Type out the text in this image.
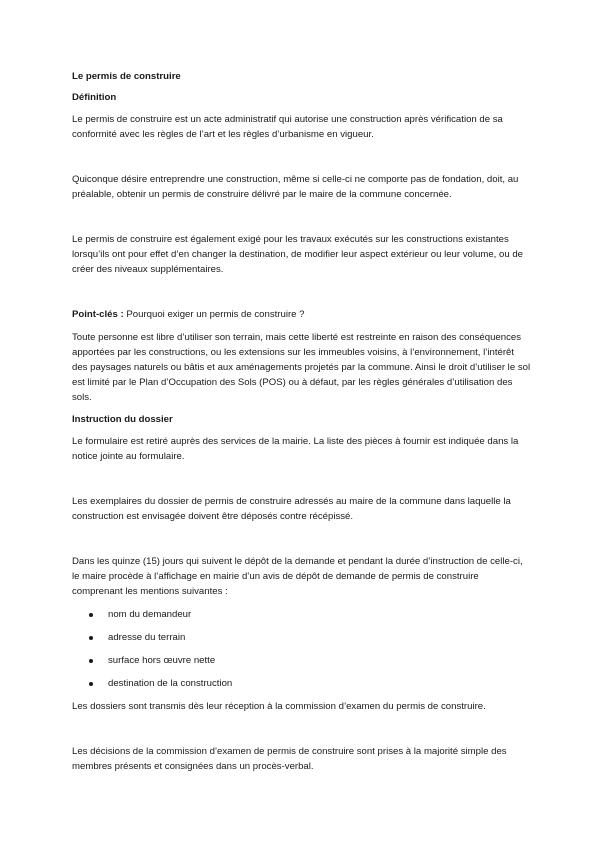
Le permis de construire
Définition

Le permis de construire est un acte administratif qui autorise une construction après vérification de sa conformité avec les règles de l’art et les règles d’urbanisme en vigueur.

Quiconque désire entreprendre une construction, même si celle-ci ne comporte pas de fondation, doit, au préalable, obtenir un permis de construire délivré par le maire de la commune concernée.

Le permis de construire est également exigé pour les travaux exécutés sur les constructions existantes lorsqu’ils ont pour effet d’en changer la destination, de modifier leur aspect extérieur ou leur volume, ou de créer des niveaux supplémentaires.

Point-clés : Pourquoi exiger un permis de construire ?

Toute personne est libre d’utiliser son terrain, mais cette liberté est restreinte en raison des conséquences apportées par les constructions, ou les extensions sur les immeubles voisins, à l’environnement, l’intérêt des paysages naturels ou bâtis et aux aménagements projetés par la commune. Ainsi le droit d’utiliser le sol est limité par le Plan d’Occupation des Sols (POS) ou à défaut, par les règles générales d’utilisation des sols.

Instruction du dossier

Le formulaire est retiré auprès des services de la mairie. La liste des pièces à fournir est indiquée dans la notice jointe au formulaire.

Les exemplaires du dossier de permis de construire adressés au maire de la commune dans laquelle la construction est envisagée doivent être déposés contre récépissé.

Dans les quinze (15) jours qui suivent le dépôt de la demande et pendant la durée d’instruction de celle-ci, le maire procède à l’affichage en mairie d’un avis de dépôt de demande de permis de construire comprenant les mentions suivantes :

nom du demandeur
adresse du terrain
surface hors œuvre nette
destination de la construction

Les dossiers sont transmis dès leur réception à la commission d’examen du permis de construire.

Les décisions de la commission d’examen de permis de construire sont prises à la majorité simple des membres présents et consignées dans un procès-verbal.
